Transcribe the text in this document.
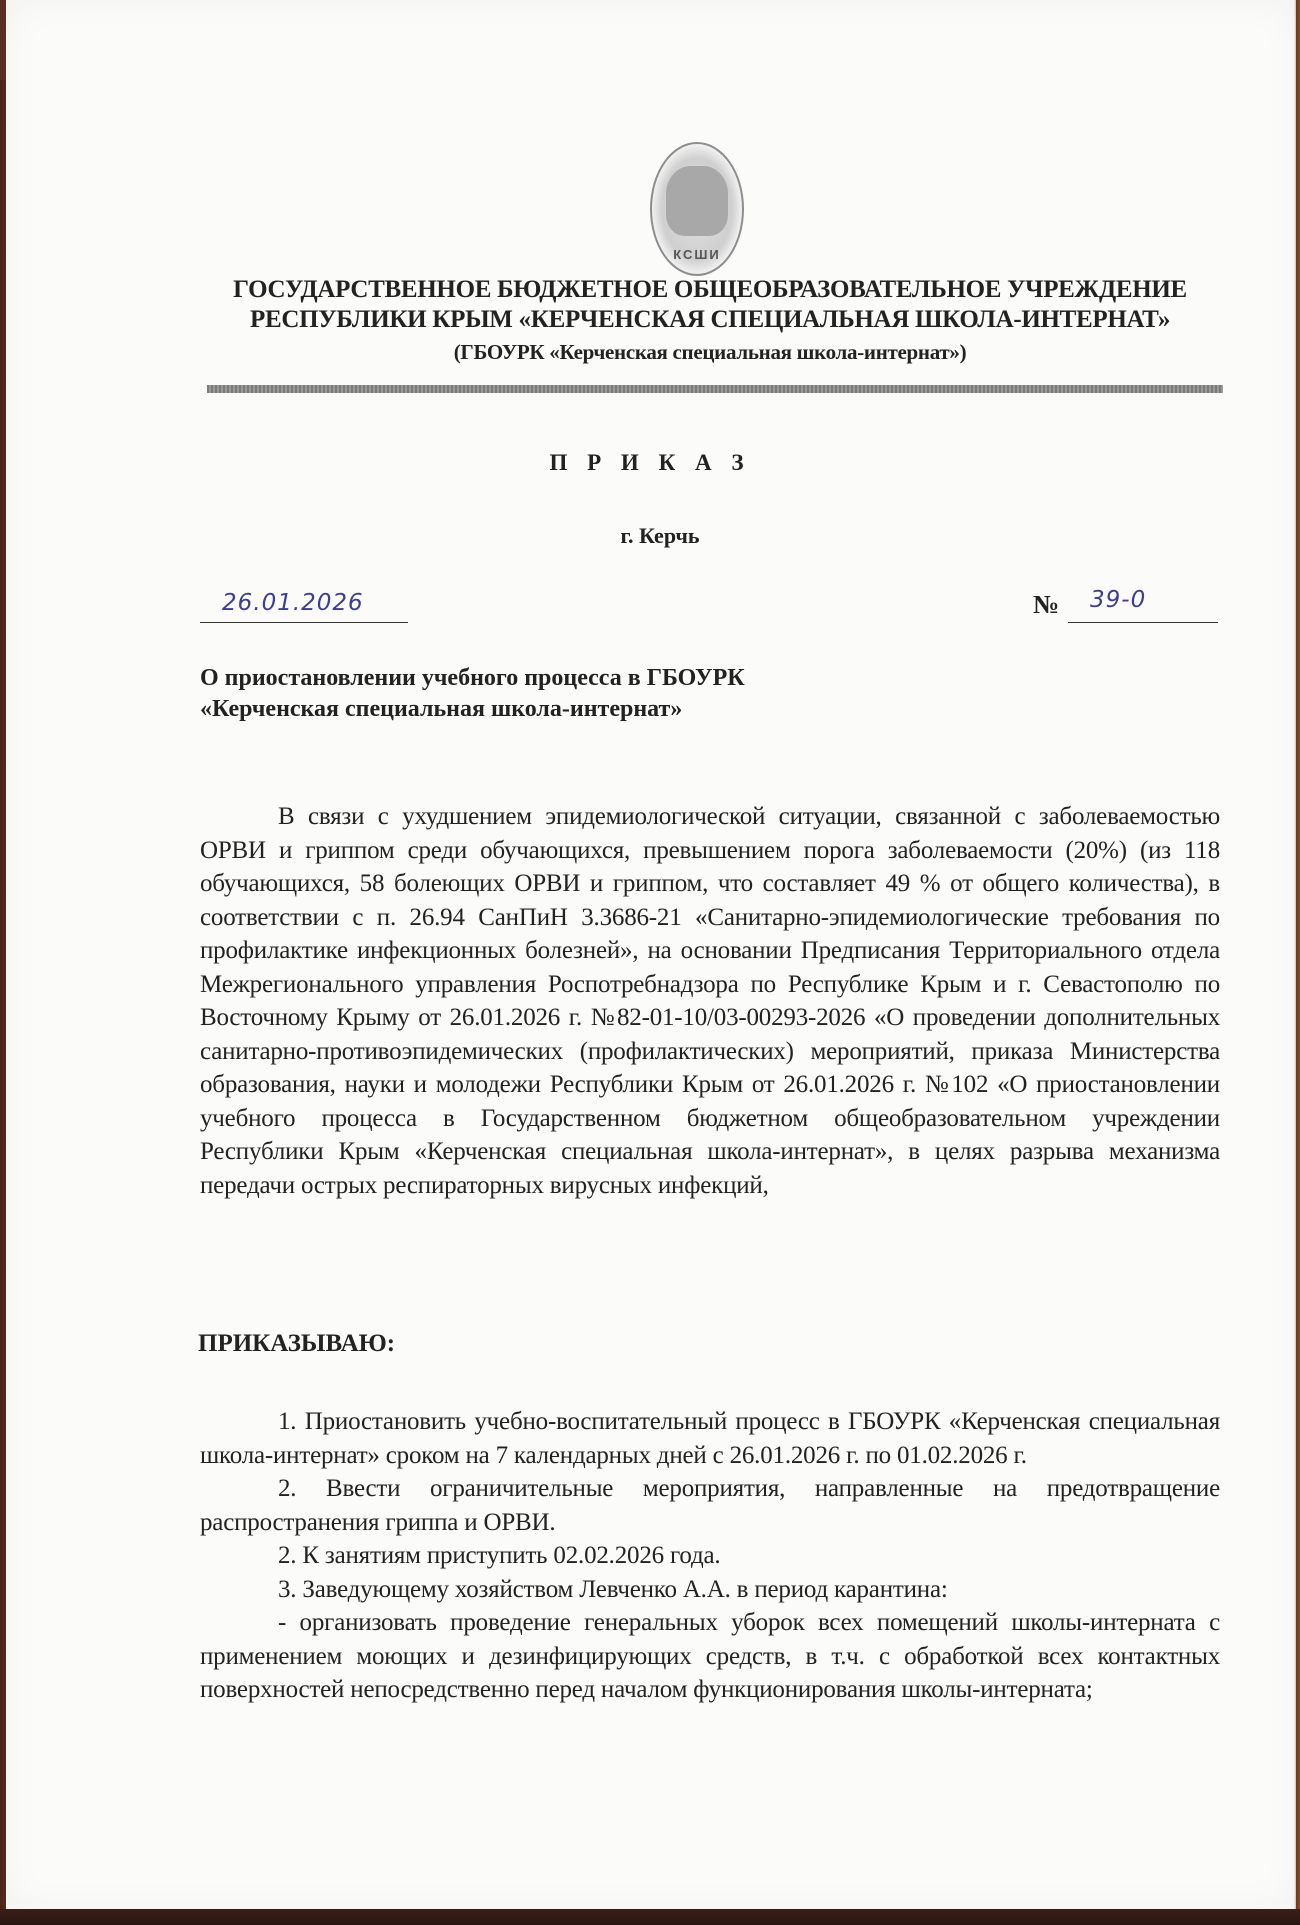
КСШИ
ГОСУДАРСТВЕННОЕ БЮДЖЕТНОЕ ОБЩЕОБРАЗОВАТЕЛЬНОЕ УЧРЕЖДЕНИЕ
РЕСПУБЛИКИ КРЫМ «КЕРЧЕНСКАЯ СПЕЦИАЛЬНАЯ ШКОЛА-ИНТЕРНАТ»
(ГБОУРК «Керченская специальная школа-интернат»)
П Р И К А З
г. Керчь
26.01.2026	№ 39-0
О приостановлении учебного процесса в ГБОУРК «Керченская специальная школа-интернат»
В связи с ухудшением эпидемиологической ситуации, связанной с заболеваемостью ОРВИ и гриппом среди обучающихся, превышением порога заболеваемости (20%) (из 118 обучающихся, 58 болеющих ОРВИ и гриппом, что составляет 49 % от общего количества), в соответствии с п. 26.94 СанПиН 3.3686-21 «Санитарно-эпидемиологические требования по профилактике инфекционных болезней», на основании Предписания Территориального отдела Межрегионального управления Роспотребнадзора по Республике Крым и г. Севастополю по Восточному Крыму от 26.01.2026 г. №82-01-10/03-00293-2026 «О проведении дополнительных санитарно-противоэпидемических (профилактических) мероприятий, приказа Министерства образования, науки и молодежи Республики Крым от 26.01.2026 г. №102 «О приостановлении учебного процесса в Государственном бюджетном общеобразовательном учреждении Республики Крым «Керченская специальная школа-интернат», в целях разрыва механизма передачи острых респираторных вирусных инфекций,
ПРИКАЗЫВАЮ:

1. Приостановить учебно-воспитательный процесс в ГБОУРК «Керченская специальная школа-интернат» сроком на 7 календарных дней с 26.01.2026 г. по 01.02.2026 г.

2. Ввести ограничительные мероприятия, направленные на предотвращение распространения гриппа и ОРВИ.

2. К занятиям приступить 02.02.2026 года.

3. Заведующему хозяйством Левченко А.А. в период карантина:

- организовать проведение генеральных уборок всех помещений школы-интерната с применением моющих и дезинфицирующих средств, в т.ч. с обработкой всех контактных поверхностей непосредственно перед началом функционирования школы-интерната;
